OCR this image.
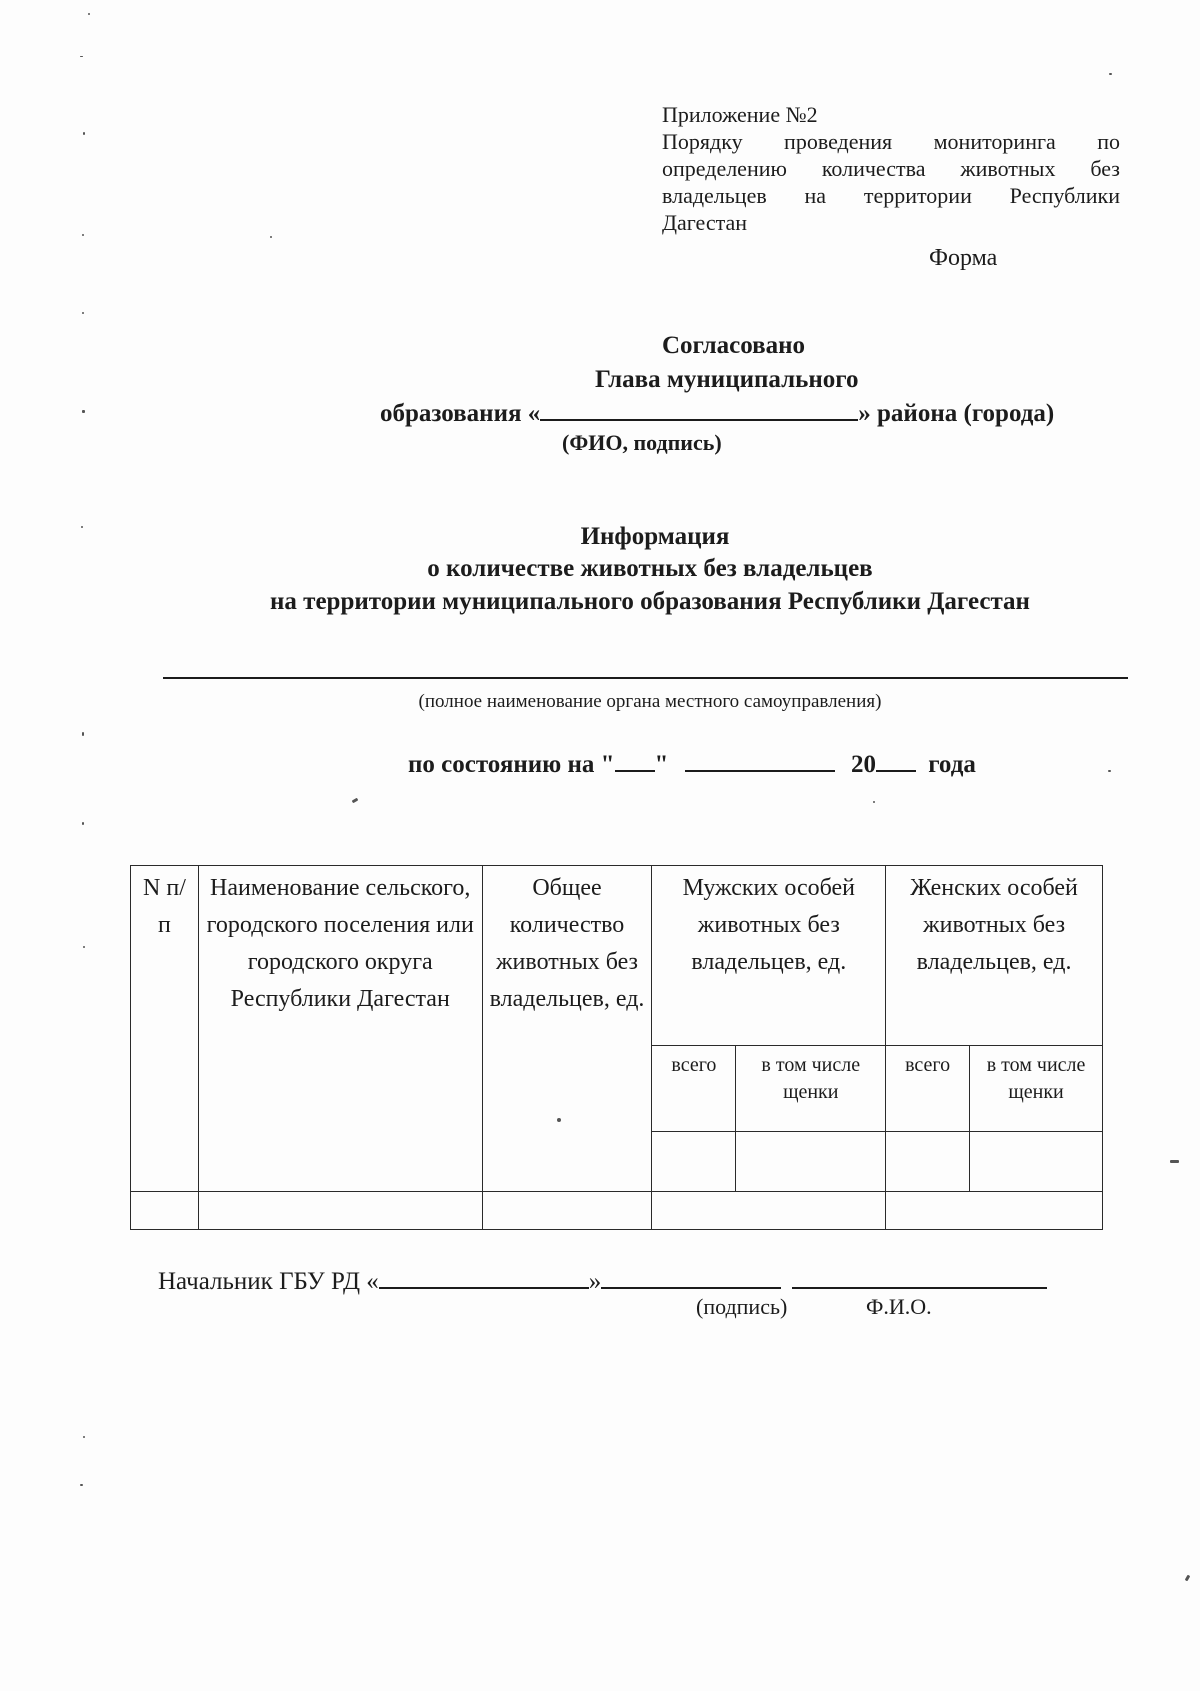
Приложение №2
Порядку проведения мониторинга по
определению количества животных без
владельцев на территории Республики
Дагестан
Форма
Согласовано
Глава муниципального
образования «	» района (города)
(ФИО, подпись)
Информация
о количестве животных без владельцев
на территории муниципального образования Республики Дагестан
(полное наименование органа местного самоуправления)
по состоянию на " "	20 года
N п/п	Наименование сельского, городского поселения или городского округа Республики Дагестан	Общее количество животных без владельцев, ед.	Мужских особей животных без владельцев, ед.		Женских особей животных без владельцев, ед.	
			всего	в том числе щенки	всего	в том числе щенки

Начальник ГБУ РД «	»
(подпись)	Ф.И.О.
